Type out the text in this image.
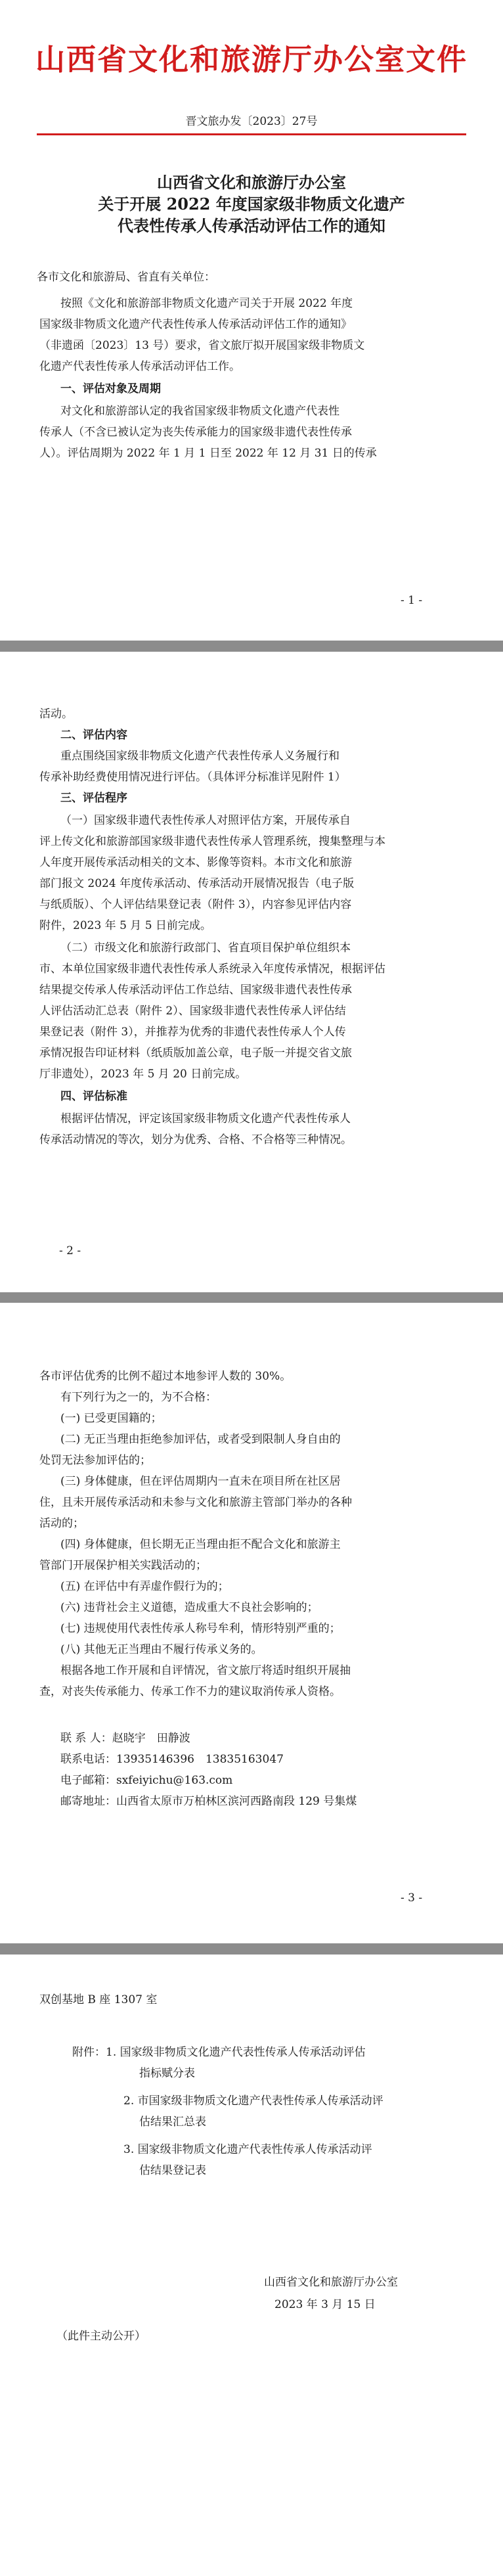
山西省文化和旅游厅办公室文件
晋文旅办发〔2023〕27号
山西省文化和旅游厅办公室
关于开展 2022 年度国家级非物质文化遗产
代表性传承人传承活动评估工作的通知
各市文化和旅游局、省直有关单位：
按照《文化和旅游部非物质文化遗产司关于开展 2022 年度
国家级非物质文化遗产代表性传承人传承活动评估工作的通知》
（非遗函〔2023〕13 号）要求，省文旅厅拟开展国家级非物质文
化遗产代表性传承人传承活动评估工作。
一、评估对象及周期
对文化和旅游部认定的我省国家级非物质文化遗产代表性
传承人（不含已被认定为丧失传承能力的国家级非遗代表性传承
人）。评估周期为 2022 年 1 月 1 日至 2022 年 12 月 31 日的传承
- 1 -
活动。
二、评估内容
重点围绕国家级非物质文化遗产代表性传承人义务履行和
传承补助经费使用情况进行评估。（具体评分标准详见附件 1）
三、评估程序
（一）国家级非遗代表性传承人对照评估方案，开展传承自
评上传文化和旅游部国家级非遗代表性传承人管理系统，搜集整理与本
人年度开展传承活动相关的文本、影像等资料。本市文化和旅游
部门报文 2024 年度传承活动、传承活动开展情况报告（电子版
与纸质版）、个人评估结果登记表（附件 3），内容参见评估内容
附件，2023 年 5 月 5 日前完成。
（二）市级文化和旅游行政部门、省直项目保护单位组织本
市、本单位国家级非遗代表性传承人系统录入年度传承情况，根据评估
结果提交传承人传承活动评估工作总结、国家级非遗代表性传承
人评估活动汇总表（附件 2）、国家级非遗代表性传承人评估结
果登记表（附件 3），并推荐为优秀的非遗代表性传承人个人传
承情况报告印证材料（纸质版加盖公章，电子版一并提交省文旅
厅非遗处），2023 年 5 月 20 日前完成。
四、评估标准
根据评估情况，评定该国家级非物质文化遗产代表性传承人
传承活动情况的等次，划分为优秀、合格、不合格等三种情况。
- 2 -
各市评估优秀的比例不超过本地参评人数的 30%。
有下列行为之一的，为不合格：
(一) 已受更国籍的；
(二) 无正当理由拒绝参加评估，或者受到限制人身自由的
处罚无法参加评估的；
(三) 身体健康，但在评估周期内一直未在项目所在社区居
住，且未开展传承活动和未参与文化和旅游主管部门举办的各种
活动的；
(四) 身体健康，但长期无正当理由拒不配合文化和旅游主
管部门开展保护相关实践活动的；
(五) 在评估中有弄虚作假行为的；
(六) 违背社会主义道德，造成重大不良社会影响的；
(七) 违规使用代表性传承人称号牟利，情形特别严重的；
(八) 其他无正当理由不履行传承义务的。
根据各地工作开展和自评情况，省文旅厅将适时组织开展抽
查，对丧失传承能力、传承工作不力的建议取消传承人资格。
联 系 人：赵晓宇　田静波
联系电话：13935146396　13835163047
电子邮箱：sxfeiyichu@163.com
邮寄地址：山西省太原市万柏林区滨河西路南段 129 号集煤
- 3 -
双创基地 B 座 1307 室
附件：1. 国家级非物质文化遗产代表性传承人传承活动评估
指标赋分表
2. 市国家级非物质文化遗产代表性传承人传承活动评
估结果汇总表
3. 国家级非物质文化遗产代表性传承人传承活动评
估结果登记表
山西省文化和旅游厅办公室
2023 年 3 月 15 日
（此件主动公开）
